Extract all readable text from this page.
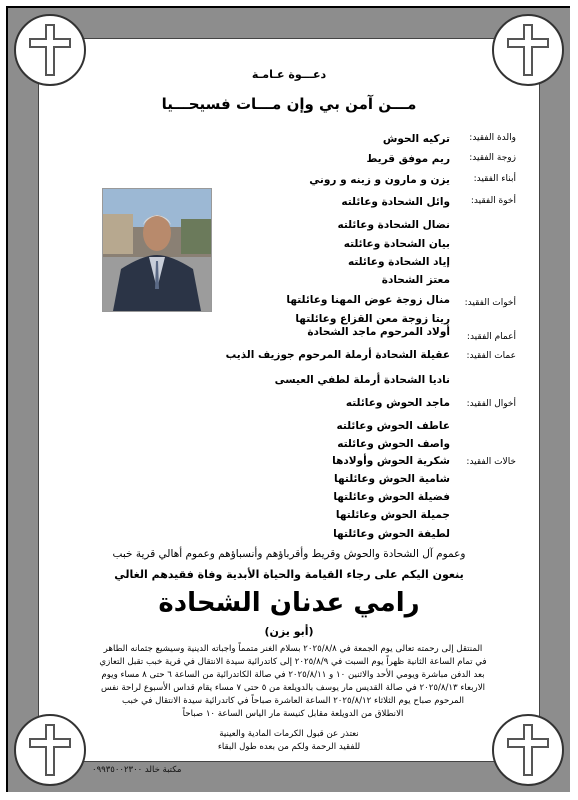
دعـــوة عـامـة
مـــن آمن بي وإن مـــات فسيحـــيا
والدة الفقيد:
تركيه الحوش
زوجة الفقيد:
ريم موفق قريط
أبناء الفقيد:
يزن و مارون و زينه و روني
أخوة الفقيد:
وائل الشحادة وعائلته
نضال الشحادة وعائلته
بيان الشحادة وعائلته
إياد الشحادة وعائلته
معتز الشحادة
أخوات الفقيد:
منال زوجة عوض المهنا وعائلتها
ريتا زوجة معن القزاع وعائلتها
أعمام الفقيد:
أولاد المرحوم ماجد الشحادة
عمات الفقيد:
عقيلة الشحادة أرملة المرحوم جوزيف الذيب
ناديا الشحادة أرملة لطفي العيسى
أخوال الفقيد:
ماجد الحوش وعائلته
عاطف الحوش وعائلته
واصف الحوش وعائلته
خالات الفقيد:
شكرية الحوش وأولادها
شامية الحوش وعائلتها
فضيلة الحوش وعائلتها
جميلة الحوش وعائلتها
لطيفة الحوش وعائلتها
وعموم آل الشحادة والحوش وقريط وأقرباؤهم وأنسباؤهم وعموم أهالي قرية خبب
ينعون اليكم على رجاء القيامة والحياة الأبدية وفاة فقيدهم الغالي
رامي عدنان الشحادة
(أبو يزن)
المنتقل إلى رحمته تعالى يوم الجمعة في ٢٠٢٥/٨/٨ بسلام الغنر متمماً واجباته الدينية وسيشيع جثمانه الطاهر
في تمام الساعة الثانية ظهراً يوم السبت في ٢٠٢٥/٨/٩ إلى كاتدرائية سيدة الانتقال في قرية خبب تقبل التعازي
بعد الدفن مباشرة ويومي الأحد والاثنين ١٠ و ٢٠٢٥/٨/١١ في صالة الكاتدرائية من الساعة ٦ حتى ٨ مساء ويوم
الاربعاء ٢٠٢٥/٨/١٣ في صالة القديس مار يوسف بالدويلعة من ٥ حتى ٧ مساء يقام قداس الأسبوع لراحة نفس
المرحوم صباح يوم الثلاثاء ٢٠٢٥/٨/١٢ الساعة العاشرة صباحاً في كاتدرائية سيدة الانتقال في خبب
الانطلاق من الدويلعة مقابل كنيسة مار الياس الساعة ١٠ صباحاً
نعتذر عن قبول الكرمات المادية والعينية
للفقيد الرحمة ولكم من بعده طول البقاء
مكتبة خالد ٠٩٩٣٥٠٠٢٣٠٠
